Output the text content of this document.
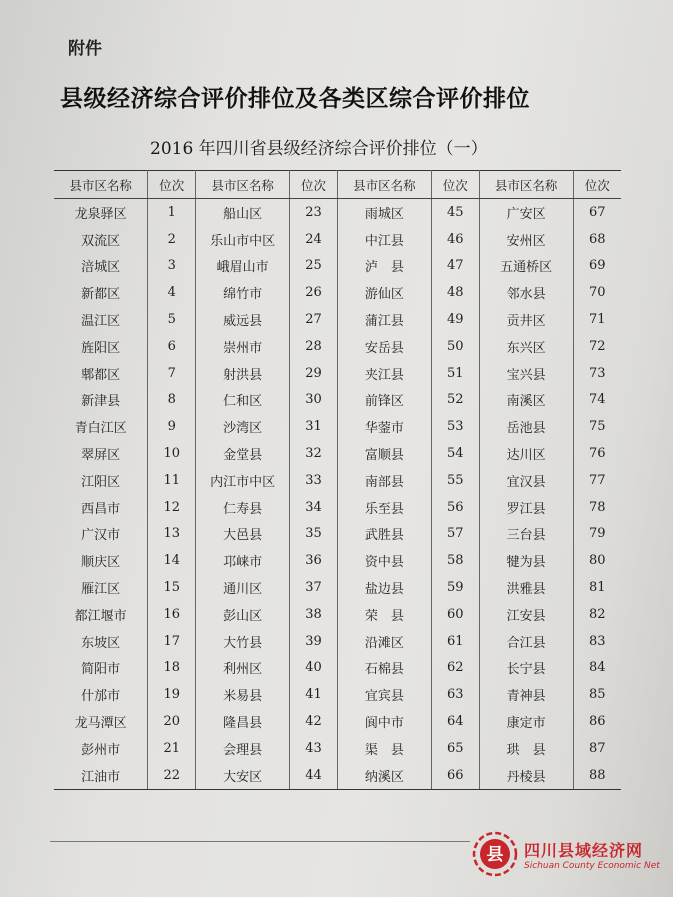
附件
县级经济综合评价排位及各类区综合评价排位
2016 年四川省县级经济综合评价排位（一）
县市区名称	位次	县市区名称	位次	县市区名称	位次	县市区名称	位次
龙泉驿区	1	船山区	23	雨城区	45	广安区	67
双流区	2	乐山市中区	24	中江县	46	安州区	68
涪城区	3	峨眉山市	25	泸　县	47	五通桥区	69
新都区	4	绵竹市	26	游仙区	48	邻水县	70
温江区	5	威远县	27	蒲江县	49	贡井区	71
旌阳区	6	崇州市	28	安岳县	50	东兴区	72
郫都区	7	射洪县	29	夹江县	51	宝兴县	73
新津县	8	仁和区	30	前锋区	52	南溪区	74
青白江区	9	沙湾区	31	华蓥市	53	岳池县	75
翠屏区	10	金堂县	32	富顺县	54	达川区	76
江阳区	11	内江市中区	33	南部县	55	宜汉县	77
西昌市	12	仁寿县	34	乐至县	56	罗江县	78
广汉市	13	大邑县	35	武胜县	57	三台县	79
顺庆区	14	邛崃市	36	资中县	58	犍为县	80
雁江区	15	通川区	37	盐边县	59	洪雅县	81
都江堰市	16	彭山区	38	荣　县	60	江安县	82
东坡区	17	大竹县	39	沿滩区	61	合江县	83
简阳市	18	利州区	40	石棉县	62	长宁县	84
什邡市	19	米易县	41	宜宾县	63	青神县	85
龙马潭区	20	隆昌县	42	阆中市	64	康定市	86
彭州市	21	会理县	43	渠　县	65	珙　县	87
江油市	22	大安区	44	纳溪区	66	丹棱县	88
县 四川县域经济网
Sichuan County Economic Net
